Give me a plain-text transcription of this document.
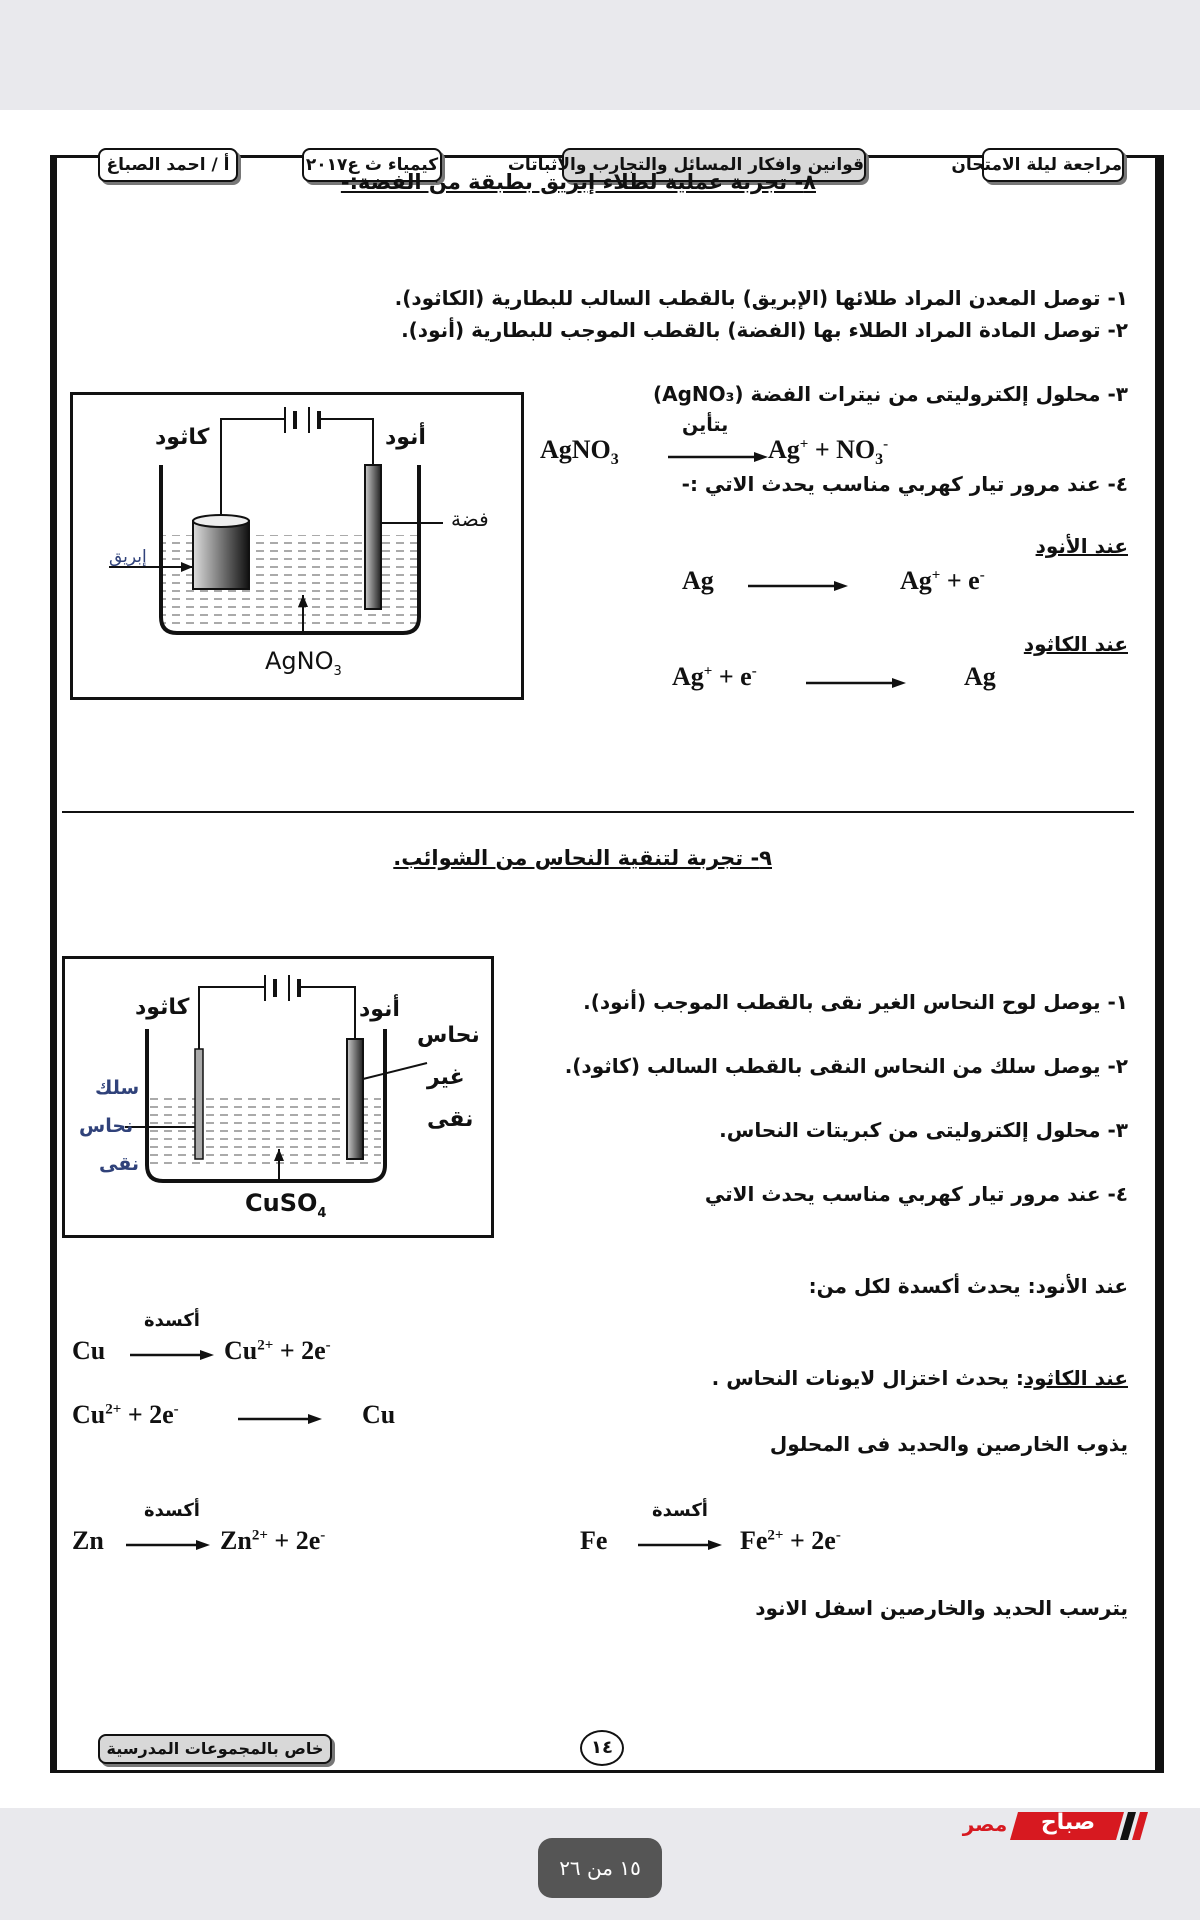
مراجعة ليلة الامتحان
قوانين وافكار المسائل والتجارب والاثباتات
كيمياء ث ع٢٠١٧
أ / احمد الصباغ
٨- تجربة عملية لطلاء إبريق بطبقة من الفضة:-
١- توصل المعدن المراد طلائها (الإبريق) بالقطب السالب للبطارية (الكاثود).
٢- توصل المادة المراد الطلاء بها (الفضة) بالقطب الموجب للبطارية (أنود).
٣- محلول إلكتروليتى من نيترات الفضة (AgNO₃)
AgNO$_3$
يتأين
$Ag^+ + NO_3^-$
٤- عند مرور تيار كهربي مناسب يحدث الاتي :-
عند الأنود
Ag	Ag+ + e-
عند الكاثود
Ag+ + e-	Ag
كاثود	أنود
فضة
إبريق
AgNO$_3$
٩- تجربة لتنقية النحاس من الشوائب.
١- يوصل لوح النحاس الغير نقى بالقطب الموجب (أنود).
٢- يوصل سلك من النحاس النقى بالقطب السالب (كاثود).
٣- محلول إلكتروليتى من كبريتات النحاس.
٤- عند مرور تيار كهربي مناسب يحدث الاتي
عند الأنود: يحدث أكسدة لكل من:
عند الكاثود: يحدث اختزال لايونات النحاس .
يذوب الخارصين والحديد فى المحلول
يترسب الحديد والخارصين اسفل الانود
Cu
أكسدة
$Cu^{2+} + 2e^-$
$Cu^{2+} + 2e^-$	Cu
Zn
أكسدة
$Zn^{2+} + 2e^-$	Fe
أكسدة
$Fe^{2+} + 2e^-$
كاثود	أنود
نحاس
غير
نقى
سلك
نحاس
نقى
CuSO$_4$
خاص بالمجموعات المدرسية	١٤
صباح
مصر
١٥ من ٢٦
